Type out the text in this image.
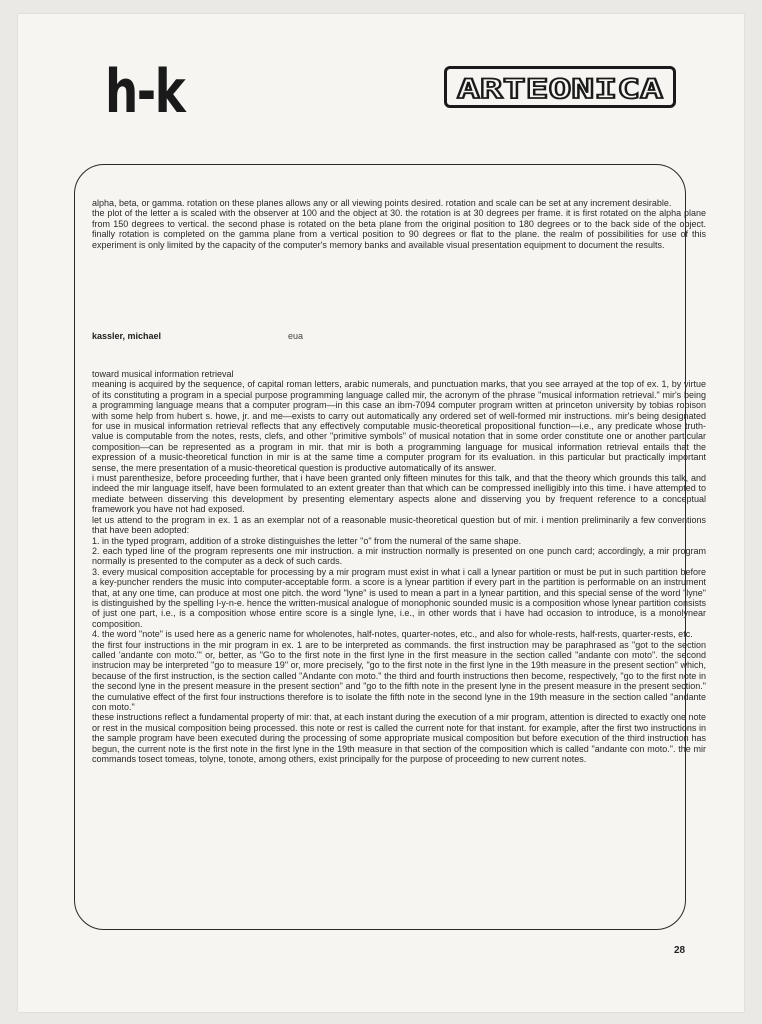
h-k	ARTEONICA
alpha, beta, or gamma. rotation on these planes allows any or all viewing points desired. rotation and scale can be set at any increment desirable.
the plot of the letter a is scaled with the observer at 100 and the object at 30. the rotation is at 30 degrees per frame. it is first rotated on the alpha plane from 150 degrees to vertical. the second phase is rotated on the beta plane from the original position to 180 degrees or to the back side of the object. finally rotation is completed on the gamma plane from a vertical position to 90 degrees or flat to the plane. the realm of possibilities for use of this experiment is only limited by the capacity of the computer's memory banks and available visual presentation equipment to document the results.
kassler, michael	eua
toward musical information retrieval
meaning is acquired by the sequence, of capital roman letters, arabic numerals, and punctuation marks, that you see arrayed at the top of ex. 1, by virtue of its constituting a program in a special purpose programming language called mir, the acronym of the phrase "musical information retrieval." mir's being a programming language means that a computer program—in this case an ibm-7094 computer program written at princeton university by tobias robison with some help from hubert s. howe, jr. and me—exists to carry out automatically any ordered set of well-formed mir instructions. mir's being designated for use in musical information retrieval reflects that any effectively computable music-theoretical propositional function—i.e., any predicate whose truth-value is computable from the notes, rests, clefs, and other "primitive symbols" of musical notation that in some order constitute one or another particular composition—can be represented as a program in mir. that mir is both a programming language for musical information retrieval entails that the expression of a music-theoretical function in mir is at the same time a computer program for its evaluation. in this particular but practically important sense, the mere presentation of a music-theoretical question is productive automatically of its answer.
i must parenthesize, before proceeding further, that i have been granted only fifteen minutes for this talk, and that the theory which grounds this talk, and indeed the mir language itself, have been formulated to an extent greater than that which can be compressed inelligibly into this time. i have attempted to mediate between disserving this development by presenting elementary aspects alone and disserving you by frequent reference to a conceptual framework you have not had exposed.
let us attend to the program in ex. 1 as an exemplar not of a reasonable music-theoretical question but of mir. i mention preliminarily a few conventions that have been adopted:
1. in the typed program, addition of a stroke distinguishes the letter "o" from the numeral of the same shape.
2. each typed line of the program represents one mir instruction. a mir instruction normally is presented on one punch card; accordingly, a mir program normally is presented to the computer as a deck of such cards.
3. every musical composition acceptable for processing by a mir program must exist in what i call a lynear partition or must be put in such partition before a key-puncher renders the music into computer-acceptable form. a score is a lynear partition if every part in the partition is performable on an instrument that, at any one time, can produce at most one pitch. the word "lyne" is used to mean a part in a lynear partition, and this special sense of the word "lyne" is distinguished by the spelling l-y-n-e. hence the written-musical analogue of monophonic sounded music is a composition whose lynear partition consists of just one part, i.e., is a composition whose entire score is a single lyne, i.e., in other words that i have had occasion to introduce, is a monolynear composition.
4. the word "note" is used here as a generic name for wholenotes, half-notes, quarter-notes, etc., and also for whole-rests, half-rests, quarter-rests, etc.
the first four instructions in the mir program in ex. 1 are to be interpreted as commands. the first instruction may be paraphrased as "got to the section called 'andante con moto.'" or, better, as "Go to the first note in the first lyne in the first measure in the section called "andante con moto". the second instrucion may be interpreted "go to measure 19" or, more precisely, "go to the first note in the first lyne in the 19th measure in the present section" which, because of the first instruction, is the section called "Andante con moto." the third and fourth instructions then become, respectively, "go to the first note in the second lyne in the present measure in the present section" and "go to the fifth note in the present lyne in the present measure in the present section." the cumulative effect of the first four instructions therefore is to isolate the fifth note in the second lyne in the 19th measure in the section called "andante con moto."
these instructions reflect a fundamental property of mir: that, at each instant during the execution of a mir program, attention is directed to exactly one note or rest in the musical composition being processed. this note or rest is called the current note for that instant. for example, after the first two instructions in the sample program have been executed during the processing of some appropriate musical composition but before execution of the third instruction has begun, the current note is the first note in the first lyne in the 19th measure in that section of the composition which is called "andante con moto.". the mir commands tosect tomeas, tolyne, tonote, among others, exist principally for the purpose of proceeding to new current notes.
28
